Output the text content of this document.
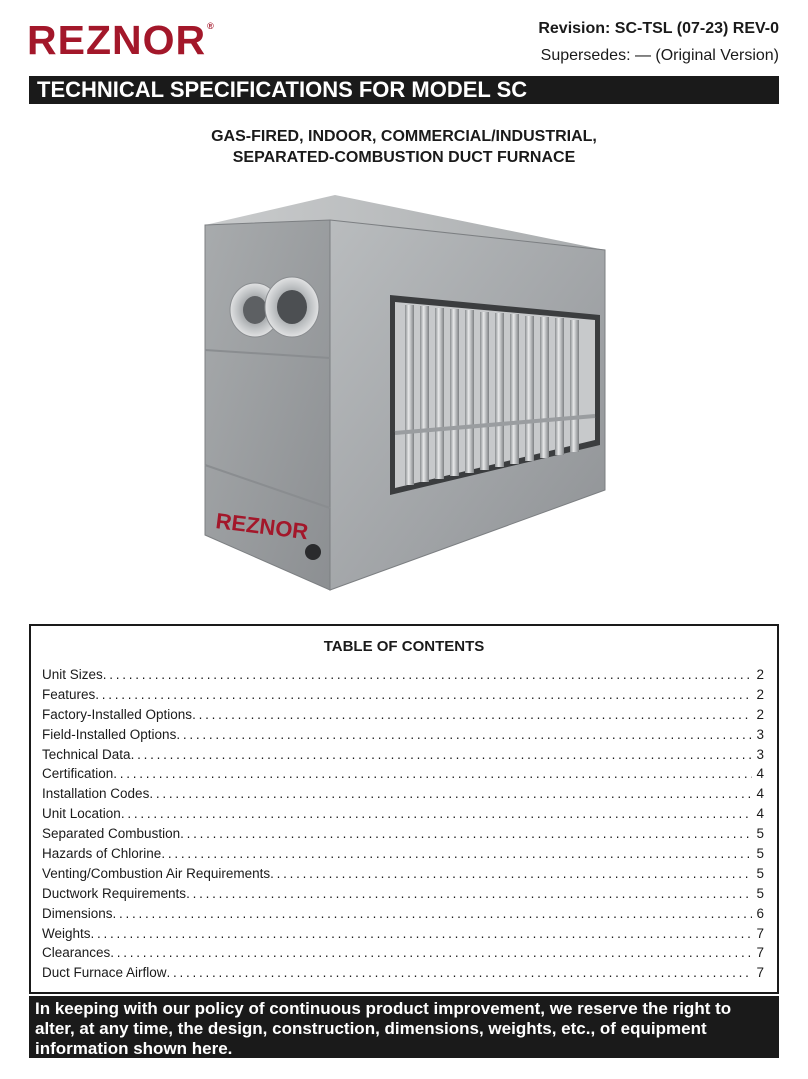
REZNOR®	Revision: SC-TSL (07-23) REV-0
Supersedes: — (Original Version)
TECHNICAL SPECIFICATIONS FOR MODEL SC
GAS-FIRED, INDOOR, COMMERCIAL/INDUSTRIAL,
SEPARATED-COMBUSTION DUCT FURNACE
REZNOR
TABLE OF CONTENTS
Unit Sizes . . .	2
Features . . .	2
Factory-Installed Options . . .	2
Field-Installed Options . . .	3
Technical Data . . .	3
Certification . . .	4
Installation Codes . . .	4
Unit Location . . .	4
Separated Combustion . . .	5
Hazards of Chlorine . . .	5
Venting/Combustion Air Requirements . . .	5
Ductwork Requirements . . .	5
Dimensions . . .	6
Weights . . .	7
Clearances . . .	7
Duct Furnace Airflow . . .	7
In keeping with our policy of continuous product improvement, we reserve the right to alter, at any time, the design, construction, dimensions, weights, etc., of equipment information shown here.
